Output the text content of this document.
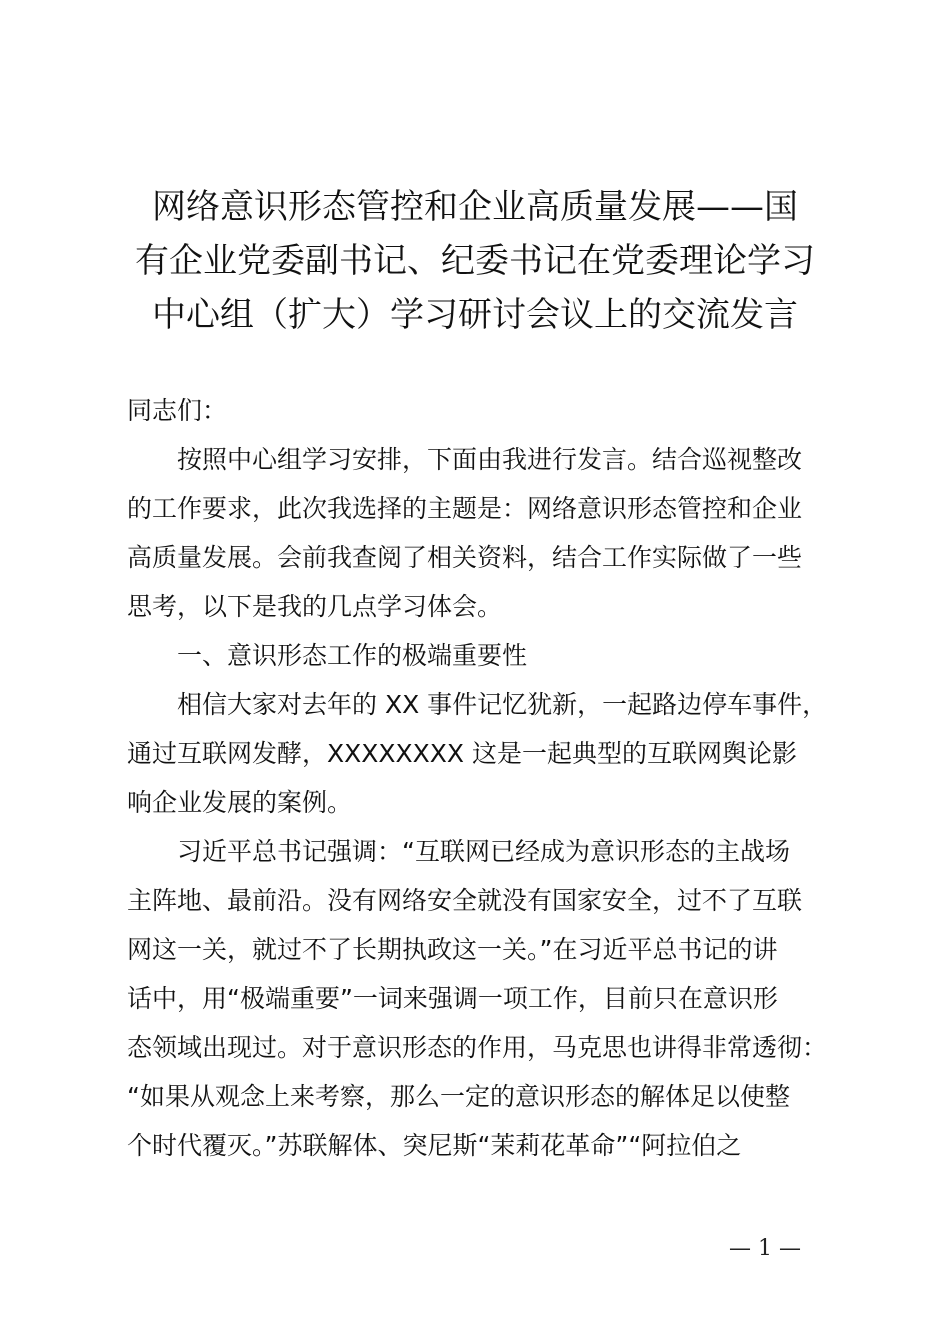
网络意识形态管控和企业高质量发展——国
有企业党委副书记、纪委书记在党委理论学习
中心组（扩大）学习研讨会议上的交流发言

同志们：

按照中心组学习安排，下面由我进行发言。结合巡视整改
的工作要求，此次我选择的主题是：网络意识形态管控和企业
高质量发展。会前我查阅了相关资料，结合工作实际做了一些
思考，以下是我的几点学习体会。

一、意识形态工作的极端重要性

相信大家对去年的 XX 事件记忆犹新，一起路边停车事件，
通过互联网发酵，XXXXXXXX 这是一起典型的互联网舆论影
响企业发展的案例。

习近平总书记强调：“互联网已经成为意识形态的主战场
主阵地、最前沿。没有网络安全就没有国家安全，过不了互联
网这一关，就过不了长期执政这一关。”在习近平总书记的讲
话中，用“极端重要”一词来强调一项工作，目前只在意识形
态领域出现过。对于意识形态的作用，马克思也讲得非常透彻：
“如果从观念上来考察，那么一定的意识形态的解体足以使整
个时代覆灭。”苏联解体、突尼斯“茉莉花革命”“阿拉伯之

— 1 —
